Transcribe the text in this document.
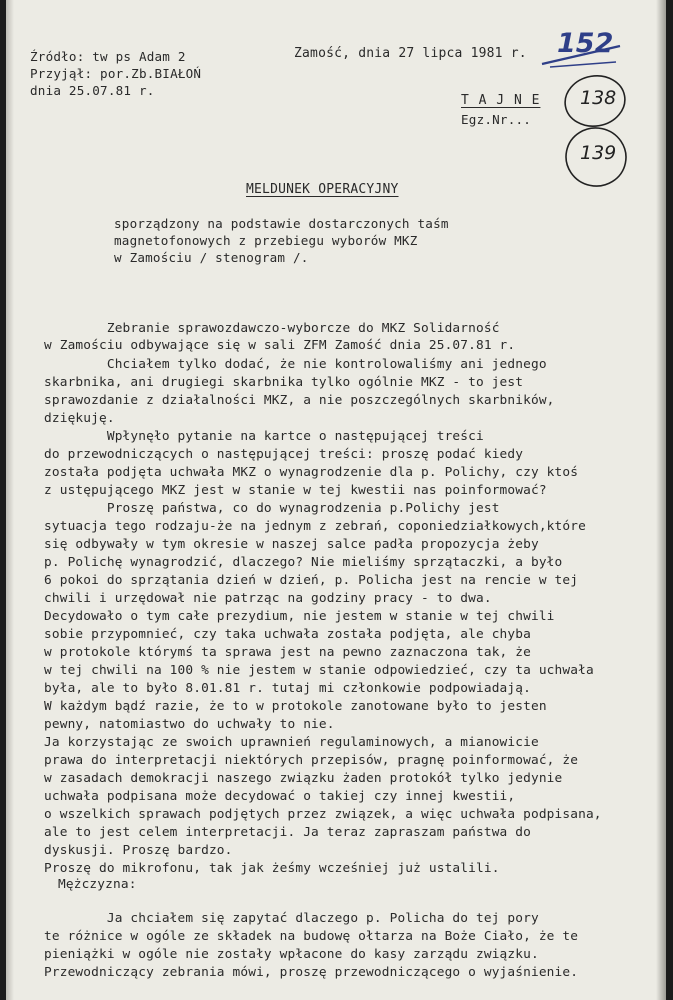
Źródło: tw ps Adam 2
Przyjął: por.Zb.BIAŁOŃ
dnia 25.07.81 r.
Zamość, dnia 27 lipca 1981 r.
T A J N E
Egz.Nr...
152
138
139
MELDUNEK OPERACYJNY
sporządzony na podstawie dostarczonych taśm
magnetofonowych z przebiegu wyborów MKZ
w Zamościu / stenogram /.
Zebranie sprawozdawczo-wyborcze do MKZ Solidarność
w Zamościu odbywające się w sali ZFM Zamość dnia 25.07.81 r.
Chciałem tylko dodać, że nie kontrolowaliśmy ani jednego
skarbnika, ani drugiegi skarbnika tylko ogólnie MKZ - to jest
sprawozdanie z działalności MKZ, a nie poszczególnych skarbników,
dziękuję.
Wpłynęło pytanie na kartce o następującej treści
do przewodniczących o następującej treści: proszę podać kiedy
została podjęta uchwała MKZ o wynagrodzenie dla p. Polichy, czy ktoś
z ustępującego MKZ jest w stanie w tej kwestii nas poinformować?
Proszę państwa, co do wynagrodzenia p.Polichy jest
sytuacja tego rodzaju-że na jednym z zebrań, coponiedziałkowych,które
się odbywały w tym okresie w naszej salce padła propozycja żeby
p. Polichę wynagrodzić, dlaczego? Nie mieliśmy sprzątaczki, a było
6 pokoi do sprzątania dzień w dzień, p. Policha jest na rencie w tej
chwili i urzędował nie patrząc na godziny pracy - to dwa.
Decydowało o tym całe prezydium, nie jestem w stanie w tej chwili
sobie przypomnieć, czy taka uchwała została podjęta, ale chyba
w protokole którymś ta sprawa jest na pewno zaznaczona tak, że
w tej chwili na 100 % nie jestem w stanie odpowiedzieć, czy ta uchwała
była, ale to było 8.01.81 r. tutaj mi członkowie podpowiadają.
W każdym bądź razie, że to w protokole zanotowane było to jesten
pewny, natomiastwo do uchwały to nie.
Ja korzystając ze swoich uprawnień regulaminowych, a mianowicie
prawa do interpretacji niektórych przepisów, pragnę poinformować, że
w zasadach demokracji naszego związku żaden protokół tylko jedynie
uchwała podpisana może decydować o takiej czy innej kwestii,
o wszelkich sprawach podjętych przez związek, a więc uchwała podpisana,
ale to jest celem interpretacji. Ja teraz zapraszam państwa do
dyskusji. Proszę bardzo.
Proszę do mikrofonu, tak jak żeśmy wcześniej już ustalili.
Mężczyzna:
Ja chciałem się zapytać dlaczego p. Policha do tej pory
te różnice w ogóle ze składek na budowę ołtarza na Boże Ciało, że te
pieniążki w ogóle nie zostały wpłacone do kasy zarządu związku.
Przewodniczący zebrania mówi, proszę przewodniczącego o wyjaśnienie.
